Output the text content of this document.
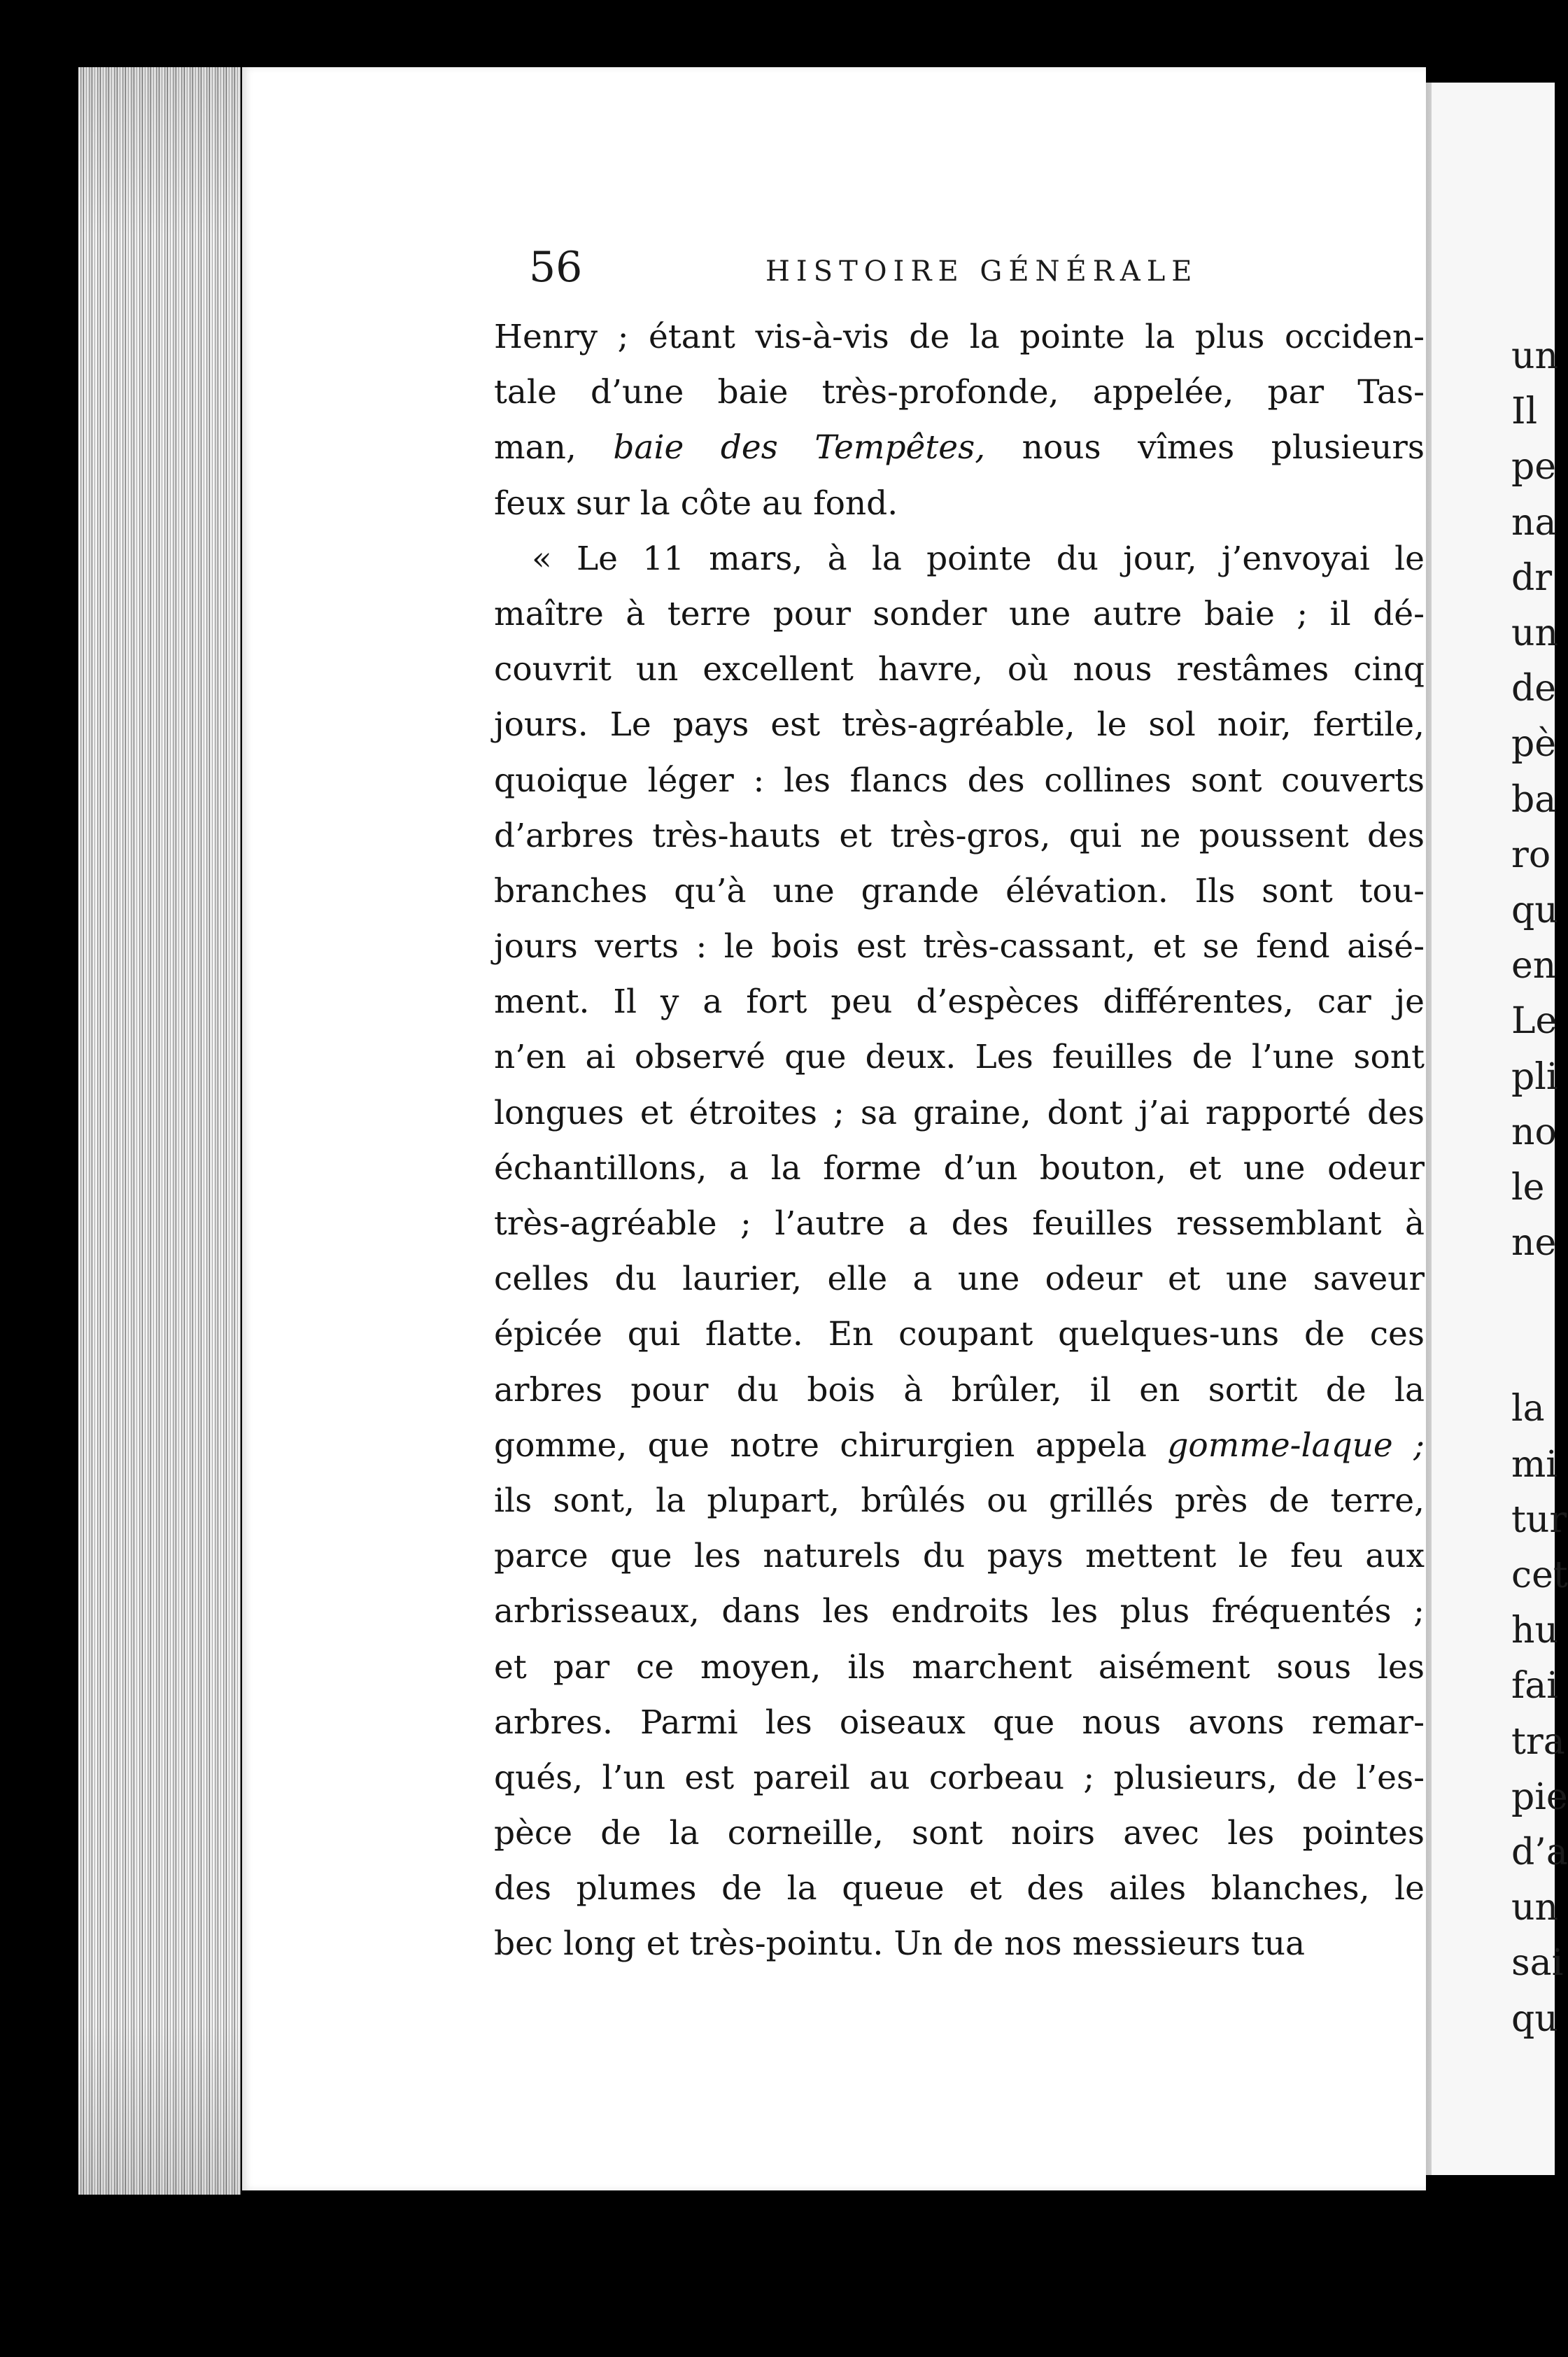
un
Il
pe
na
dr
un
de
pè
ba
ro
qu
en
Le
pli
no
le
ne
la
mi
tur
cet
hu
fai
tra
pie
d’a
un
sai
qu
56	HISTOIRE GÉNÉRALE
Henry ; étant vis-à-vis de la pointe la plus occiden-
tale d’une baie très-profonde, appelée, par Tas-
man, baie des Tempêtes, nous vîmes plusieurs
feux sur la côte au fond.
« Le 11 mars, à la pointe du jour, j’envoyai le
maître à terre pour sonder une autre baie ; il dé-
couvrit un excellent havre, où nous restâmes cinq
jours. Le pays est très-agréable, le sol noir, fertile,
quoique léger : les flancs des collines sont couverts
d’arbres très-hauts et très-gros, qui ne poussent des
branches qu’à une grande élévation. Ils sont tou-
jours verts : le bois est très-cassant, et se fend aisé-
ment. Il y a fort peu d’espèces différentes, car je
n’en ai observé que deux. Les feuilles de l’une sont
longues et étroites ; sa graine, dont j’ai rapporté des
échantillons, a la forme d’un bouton, et une odeur
très-agréable ; l’autre a des feuilles ressemblant à
celles du laurier, elle a une odeur et une saveur
épicée qui flatte. En coupant quelques-uns de ces
arbres pour du bois à brûler, il en sortit de la
gomme, que notre chirurgien appela gomme-laque ;
ils sont, la plupart, brûlés ou grillés près de terre,
parce que les naturels du pays mettent le feu aux
arbrisseaux, dans les endroits les plus fréquentés ;
et par ce moyen, ils marchent aisément sous les
arbres. Parmi les oiseaux que nous avons remar-
qués, l’un est pareil au corbeau ; plusieurs, de l’es-
pèce de la corneille, sont noirs avec les pointes
des plumes de la queue et des ailes blanches, le
bec long et très-pointu. Un de nos messieurs tua
